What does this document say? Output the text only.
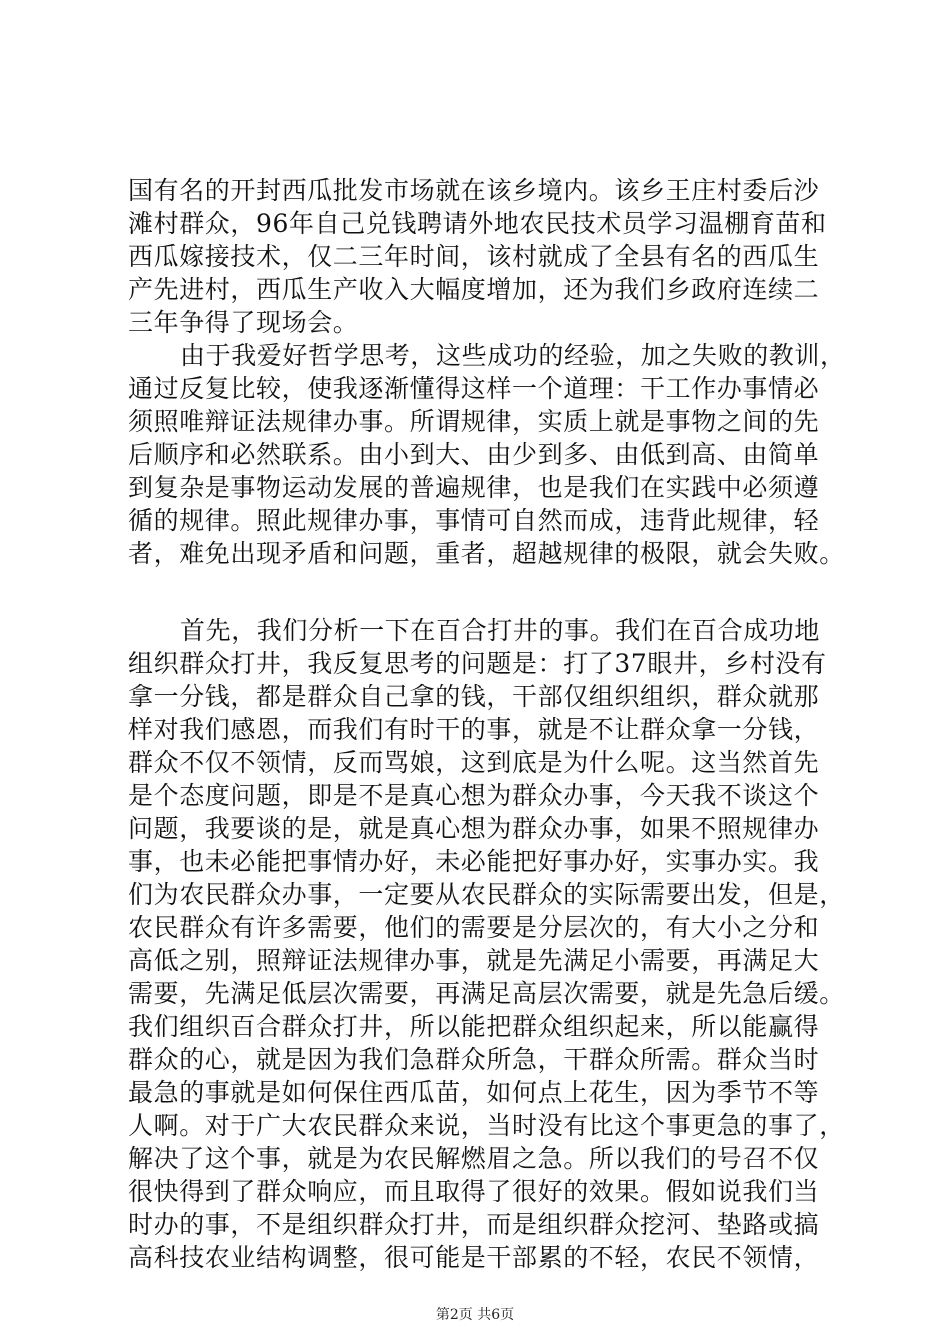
国有名的开封西瓜批发市场就在该乡境内。该乡王庄村委后沙
滩村群众，96年自己兑钱聘请外地农民技术员学习温棚育苗和
西瓜嫁接技术，仅二三年时间，该村就成了全县有名的西瓜生
产先进村，西瓜生产收入大幅度增加，还为我们乡政府连续二
三年争得了现场会。
由于我爱好哲学思考，这些成功的经验，加之失败的教训，
通过反复比较，使我逐渐懂得这样一个道理：干工作办事情必
须照唯辩证法规律办事。所谓规律，实质上就是事物之间的先
后顺序和必然联系。由小到大、由少到多、由低到高、由简单
到复杂是事物运动发展的普遍规律，也是我们在实践中必须遵
循的规律。照此规律办事，事情可自然而成，违背此规律，轻
者，难免出现矛盾和问题，重者，超越规律的极限，就会失败。
首先，我们分析一下在百合打井的事。我们在百合成功地
组织群众打井，我反复思考的问题是：打了37眼井，乡村没有
拿一分钱，都是群众自己拿的钱，干部仅组织组织，群众就那
样对我们感恩，而我们有时干的事，就是不让群众拿一分钱，
群众不仅不领情，反而骂娘，这到底是为什么呢。这当然首先
是个态度问题，即是不是真心想为群众办事，今天我不谈这个
问题，我要谈的是，就是真心想为群众办事，如果不照规律办
事，也未必能把事情办好，未必能把好事办好，实事办实。我
们为农民群众办事，一定要从农民群众的实际需要出发，但是，
农民群众有许多需要，他们的需要是分层次的，有大小之分和
高低之别，照辩证法规律办事，就是先满足小需要，再满足大
需要，先满足低层次需要，再满足高层次需要，就是先急后缓。
我们组织百合群众打井，所以能把群众组织起来，所以能赢得
群众的心，就是因为我们急群众所急，干群众所需。群众当时
最急的事就是如何保住西瓜苗，如何点上花生，因为季节不等
人啊。对于广大农民群众来说，当时没有比这个事更急的事了，
解决了这个事，就是为农民解燃眉之急。所以我们的号召不仅
很快得到了群众响应，而且取得了很好的效果。假如说我们当
时办的事，不是组织群众打井，而是组织群众挖河、垫路或搞
高科技农业结构调整，很可能是干部累的不轻，农民不领情，
第2页 共6页
